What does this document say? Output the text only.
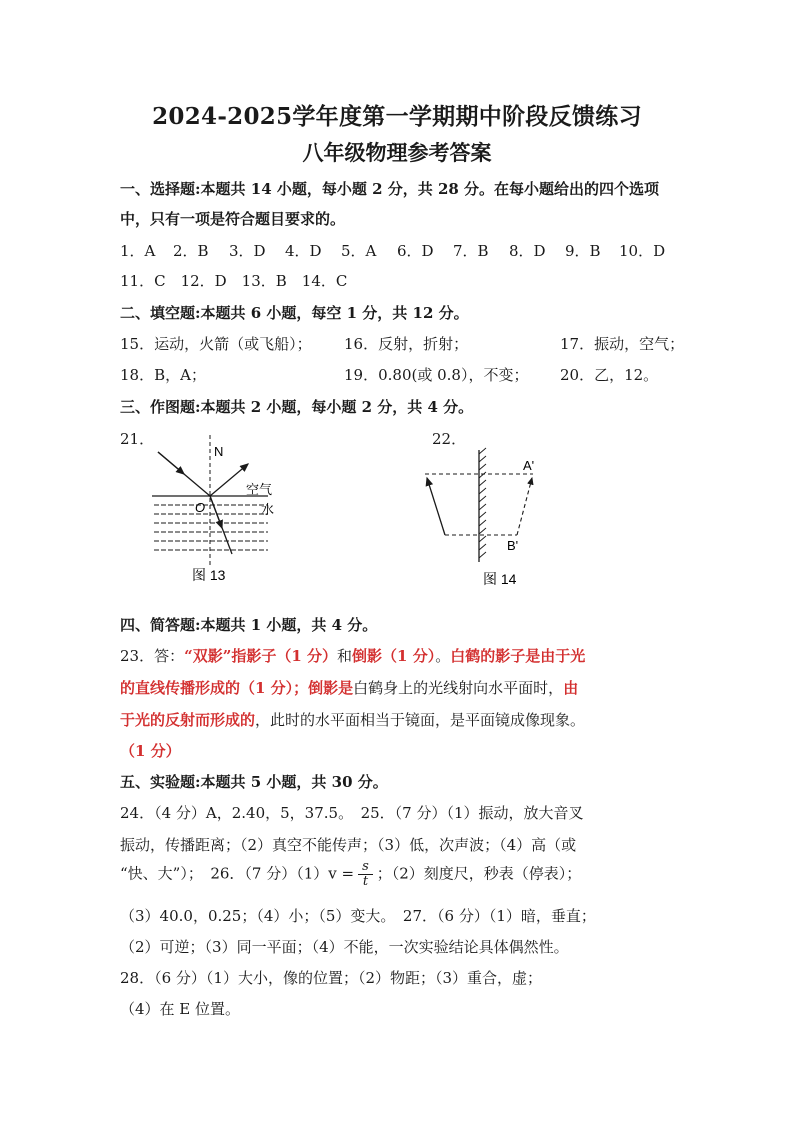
2024-2025学年度第一学期期中阶段反馈练习
八年级物理参考答案
一、选择题:本题共 14 小题，每小题 2 分，共 28 分。在每小题给出的四个选项
中，只有一项是符合题目要求的。
1．A 2．B 3．D 4．D 5．A 6．D 7．B 8．D 9．B 10．D
11．C　12．D　13．B　14．C
二、填空题:本题共 6 小题，每空 1 分，共 12 分。
15．运动，火箭（或飞船）； 16．反射，折射；	17．振动，空气；
18．B，A；	19．0.80(或 0.8），不变； 20．乙，12。
三、作图题:本题共 2 小题，每小题 2 分，共 4 分。
21．	22．
N
O
空气
水
图 13
A'
B'
图 14
四、简答题:本题共 1 小题，共 4 分。
23．答：“双影”指影子（1 分）和倒影（1 分）。白鹤的影子是由于光
的直线传播形成的（1 分）；倒影是白鹤身上的光线射向水平面时，由
于光的反射而形成的，此时的水平面相当于镜面，是平面镜成像现象。
（1 分）
五、实验题:本题共 5 小题，共 30 分。
24．（4 分）A，2.40，5，37.5。　25．（7 分）（1）振动，放大音叉
振动，传播距离；（2）真空不能传声；（3）低，次声波；（4）高（或
“快、大”）；　26．（7 分）$(1)v = \frac{s}{t}$ ；（2）刻度尺，秒表（停表）；
（3）40.0，0.25；（4）小；（5）变大。　27．（6 分）（1）暗，垂直；
（2）可逆；（3）同一平面；（4）不能，一次实验结论具体偶然性。
28．（6 分）（1）大小，像的位置；（2）物距；（3）重合，虚；
（4）在 E 位置。
